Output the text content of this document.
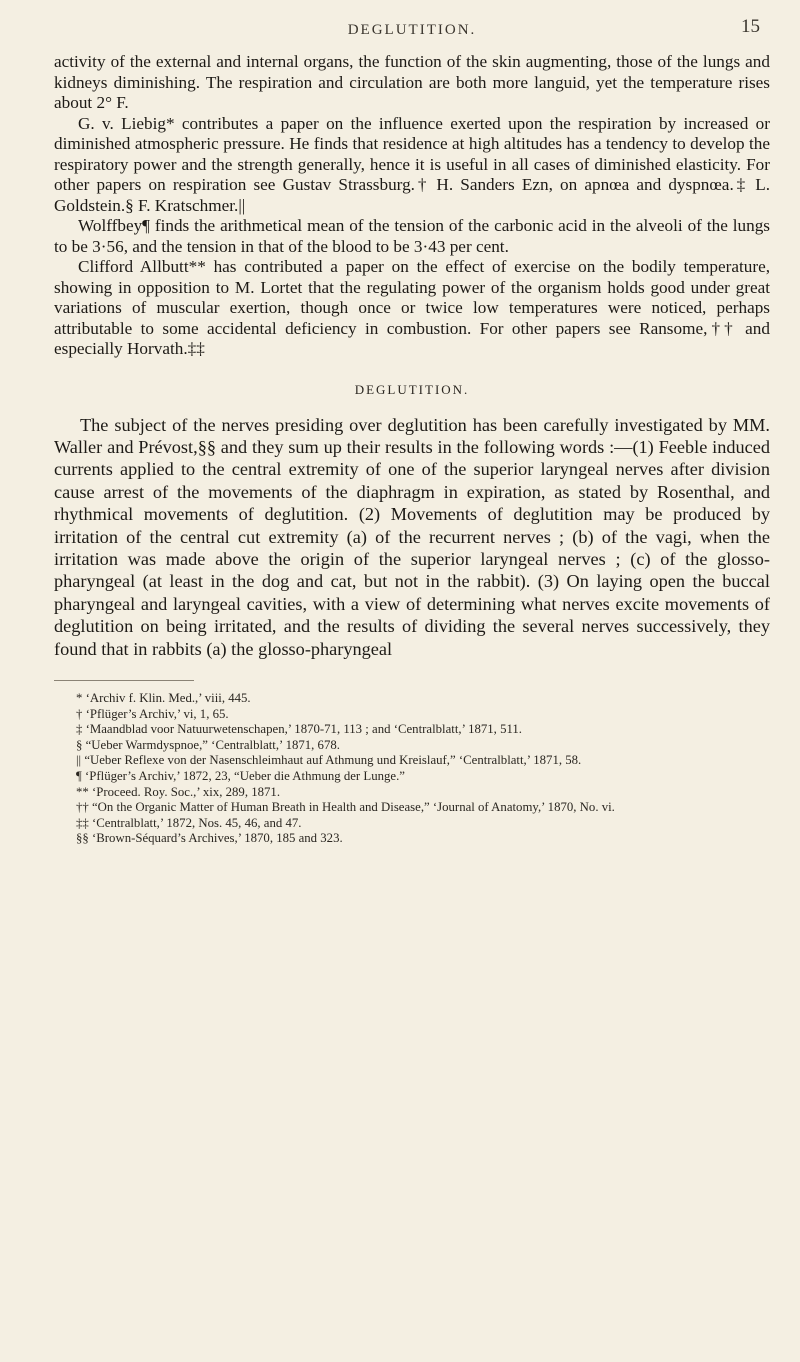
DEGLUTITION.	15

activity of the external and internal organs, the function of the skin augmenting, those of the lungs and kidneys diminishing. The respiration and circulation are both more languid, yet the temperature rises about 2° F.

G. v. Liebig* contributes a paper on the influence exerted upon the respiration by increased or diminished atmospheric pressure. He finds that residence at high altitudes has a tendency to develop the respiratory power and the strength generally, hence it is useful in all cases of diminished elasticity. For other papers on respiration see Gustav Strassburg.† H. Sanders Ezn, on apnœa and dyspnœa.‡ L. Goldstein.§ F. Kratschmer.||

Wolffbey¶ finds the arithmetical mean of the tension of the carbonic acid in the alveoli of the lungs to be 3·56, and the tension in that of the blood to be 3·43 per cent.

Clifford Allbutt** has contributed a paper on the effect of exercise on the bodily temperature, showing in opposition to M. Lortet that the regulating power of the organism holds good under great variations of muscular exertion, though once or twice low temperatures were noticed, perhaps attributable to some accidental deficiency in combustion. For other papers see Ransome,†† and especially Horvath.‡‡

DEGLUTITION.

The subject of the nerves presiding over deglutition has been carefully investigated by MM. Waller and Prévost,§§ and they sum up their results in the following words :—(1) Feeble induced currents applied to the central extremity of one of the superior laryngeal nerves after division cause arrest of the movements of the diaphragm in expiration, as stated by Rosenthal, and rhythmical movements of deglutition. (2) Movements of deglutition may be produced by irritation of the central cut extremity (a) of the recurrent nerves ; (b) of the vagi, when the irritation was made above the origin of the superior laryngeal nerves ; (c) of the glosso-pharyngeal (at least in the dog and cat, but not in the rabbit). (3) On laying open the buccal pharyngeal and laryngeal cavities, with a view of determining what nerves excite movements of deglutition on being irritated, and the results of dividing the several nerves successively, they found that in rabbits (a) the glosso-pharyngeal

* ‘Archiv f. Klin. Med.,’ viii, 445.

† ‘Pflüger’s Archiv,’ vi, 1, 65.

‡ ‘Maandblad voor Natuurwetenschapen,’ 1870-71, 113 ; and ‘Centralblatt,’ 1871, 511.

§ “Ueber Warmdyspnoe,” ‘Centralblatt,’ 1871, 678.

|| “Ueber Reflexe von der Nasenschleimhaut auf Athmung und Kreislauf,” ‘Centralblatt,’ 1871, 58.

¶ ‘Pflüger’s Archiv,’ 1872, 23, “Ueber die Athmung der Lunge.”

** ‘Proceed. Roy. Soc.,’ xix, 289, 1871.

†† “On the Organic Matter of Human Breath in Health and Disease,” ‘Journal of Anatomy,’ 1870, No. vi.

‡‡ ‘Centralblatt,’ 1872, Nos. 45, 46, and 47.

§§ ‘Brown-Séquard’s Archives,’ 1870, 185 and 323.
